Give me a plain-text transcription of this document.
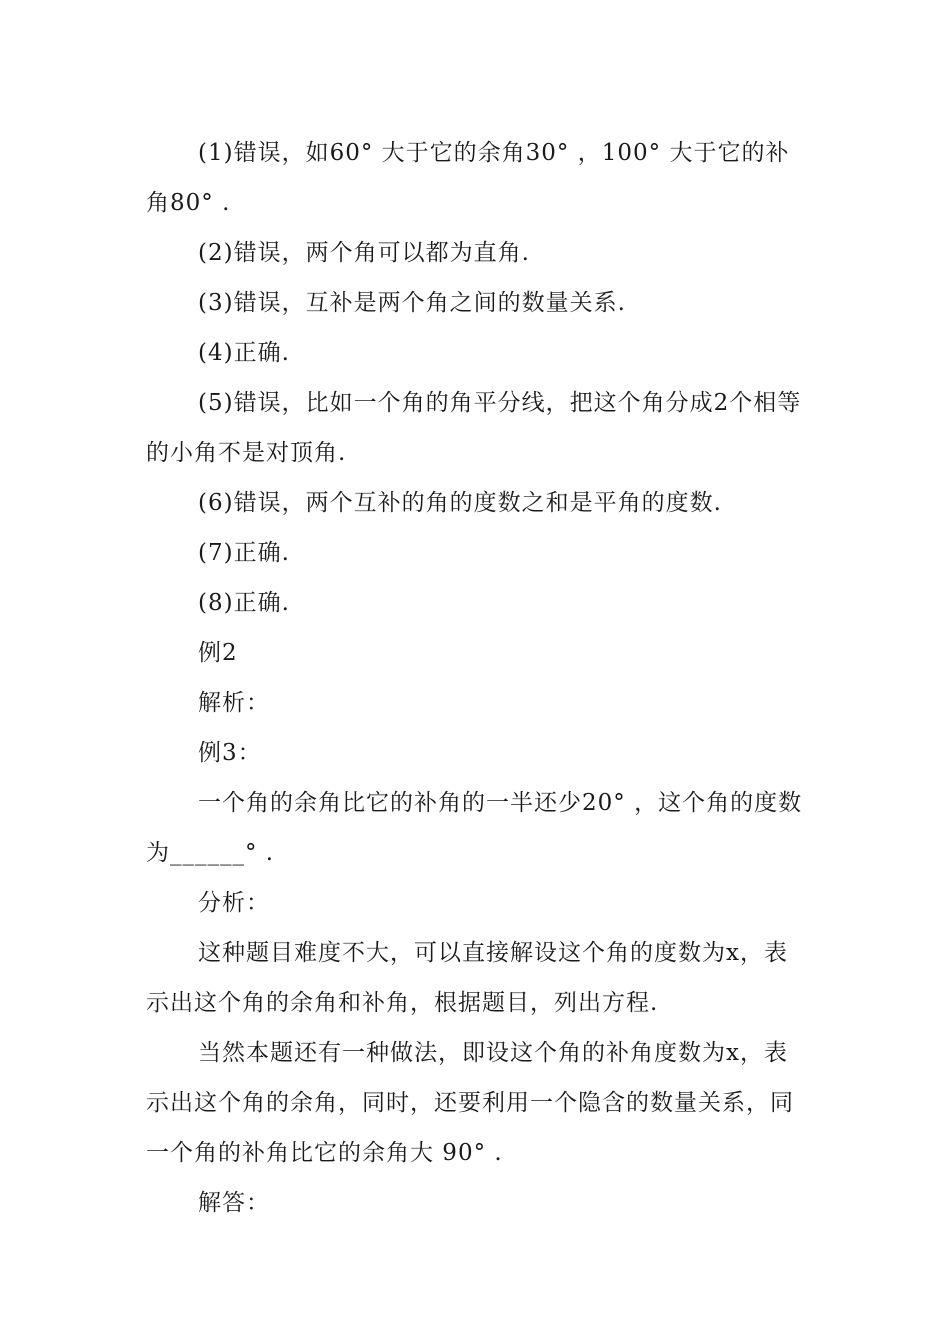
(1)错误，如60° 大于它的余角30° ，100° 大于它的补角80° .

(2)错误，两个角可以都为直角.

(3)错误，互补是两个角之间的数量关系.

(4)正确.

(5)错误，比如一个角的角平分线，把这个角分成2个相等的小角不是对顶角.

(6)错误，两个互补的角的度数之和是平角的度数.

(7)正确.

(8)正确.

例2

解析：

例3：

一个角的余角比它的补角的一半还少20° ，这个角的度数为______° .

分析：

这种题目难度不大，可以直接解设这个角的度数为x，表示出这个角的余角和补角，根据题目，列出方程.

当然本题还有一种做法，即设这个角的补角度数为x，表示出这个角的余角，同时，还要利用一个隐含的数量关系，同一个角的补角比它的余角大 90° .

解答：
